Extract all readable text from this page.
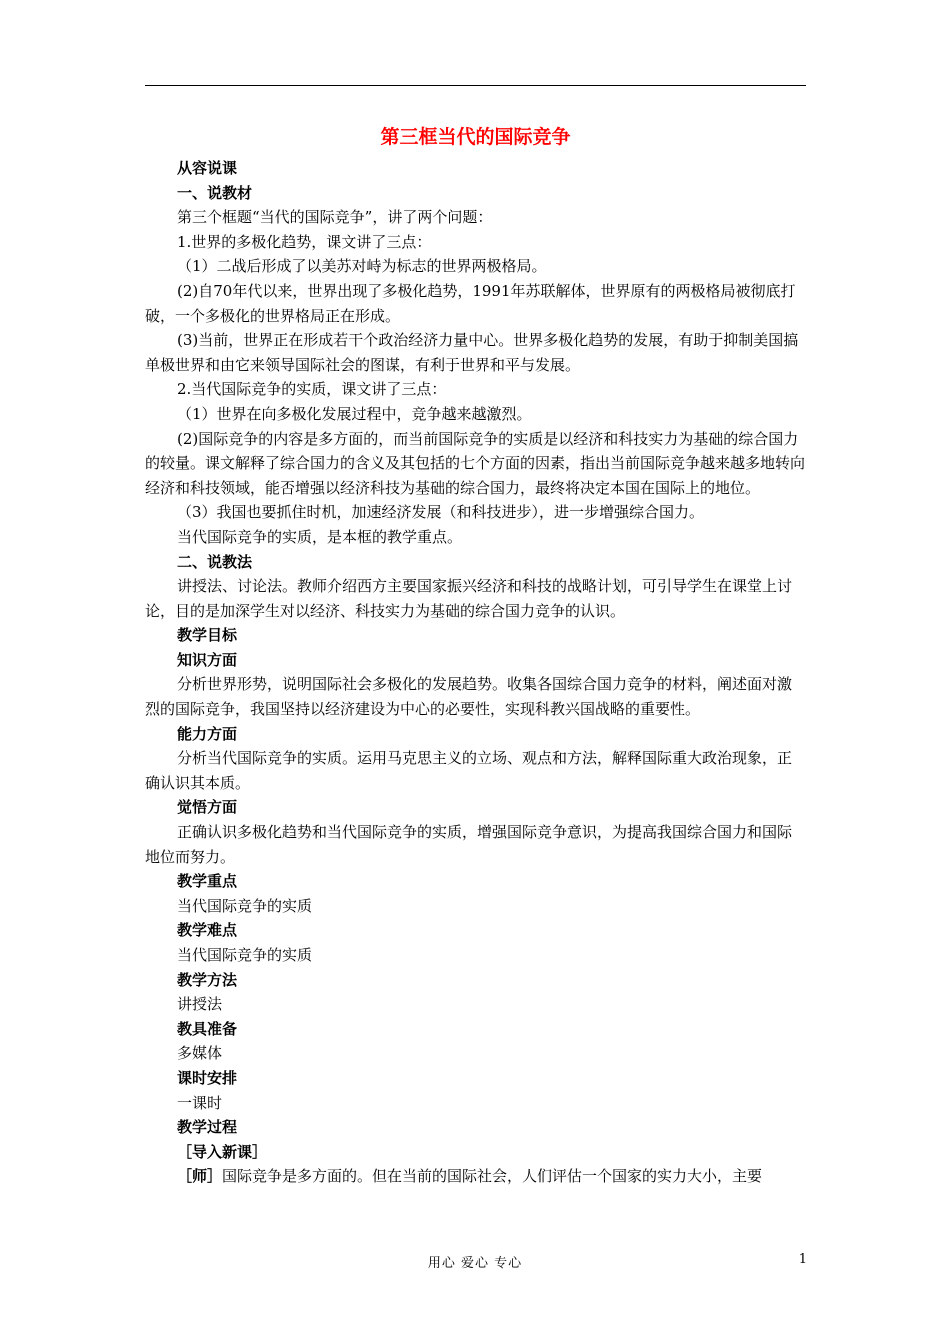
第三框当代的国际竞争

从容说课

一、说教材

第三个框题“当代的国际竞争”，讲了两个问题：

1.世界的多极化趋势，课文讲了三点：

（1）二战后形成了以美苏对峙为标志的世界两极格局。

(2)自70年代以来，世界出现了多极化趋势，1991年苏联解体，世界原有的两极格局被彻底打破，一个多极化的世界格局正在形成。

(3)当前，世界正在形成若干个政治经济力量中心。世界多极化趋势的发展，有助于抑制美国搞单极世界和由它来领导国际社会的图谋，有利于世界和平与发展。

2.当代国际竞争的实质，课文讲了三点：

（1）世界在向多极化发展过程中，竞争越来越激烈。

(2)国际竞争的内容是多方面的，而当前国际竞争的实质是以经济和科技实力为基础的综合国力的较量。课文解释了综合国力的含义及其包括的七个方面的因素，指出当前国际竞争越来越多地转向经济和科技领域，能否增强以经济科技为基础的综合国力，最终将决定本国在国际上的地位。

（3）我国也要抓住时机，加速经济发展（和科技进步），进一步增强综合国力。

当代国际竞争的实质，是本框的教学重点。

二、说教法

讲授法、讨论法。教师介绍西方主要国家振兴经济和科技的战略计划，可引导学生在课堂上讨论，目的是加深学生对以经济、科技实力为基础的综合国力竞争的认识。

教学目标

知识方面

分析世界形势，说明国际社会多极化的发展趋势。收集各国综合国力竞争的材料，阐述面对激烈的国际竞争，我国坚持以经济建设为中心的必要性，实现科教兴国战略的重要性。

能力方面

分析当代国际竞争的实质。运用马克思主义的立场、观点和方法，解释国际重大政治现象，正确认识其本质。

觉悟方面

正确认识多极化趋势和当代国际竞争的实质，增强国际竞争意识，为提高我国综合国力和国际地位而努力。

教学重点

当代国际竞争的实质

教学难点

当代国际竞争的实质

教学方法

讲授法

教具准备

多媒体

课时安排

一课时

教学过程

［导入新课］

［师］国际竞争是多方面的。但在当前的国际社会，人们评估一个国家的实力大小，主要

用心 爱心 专心	1
